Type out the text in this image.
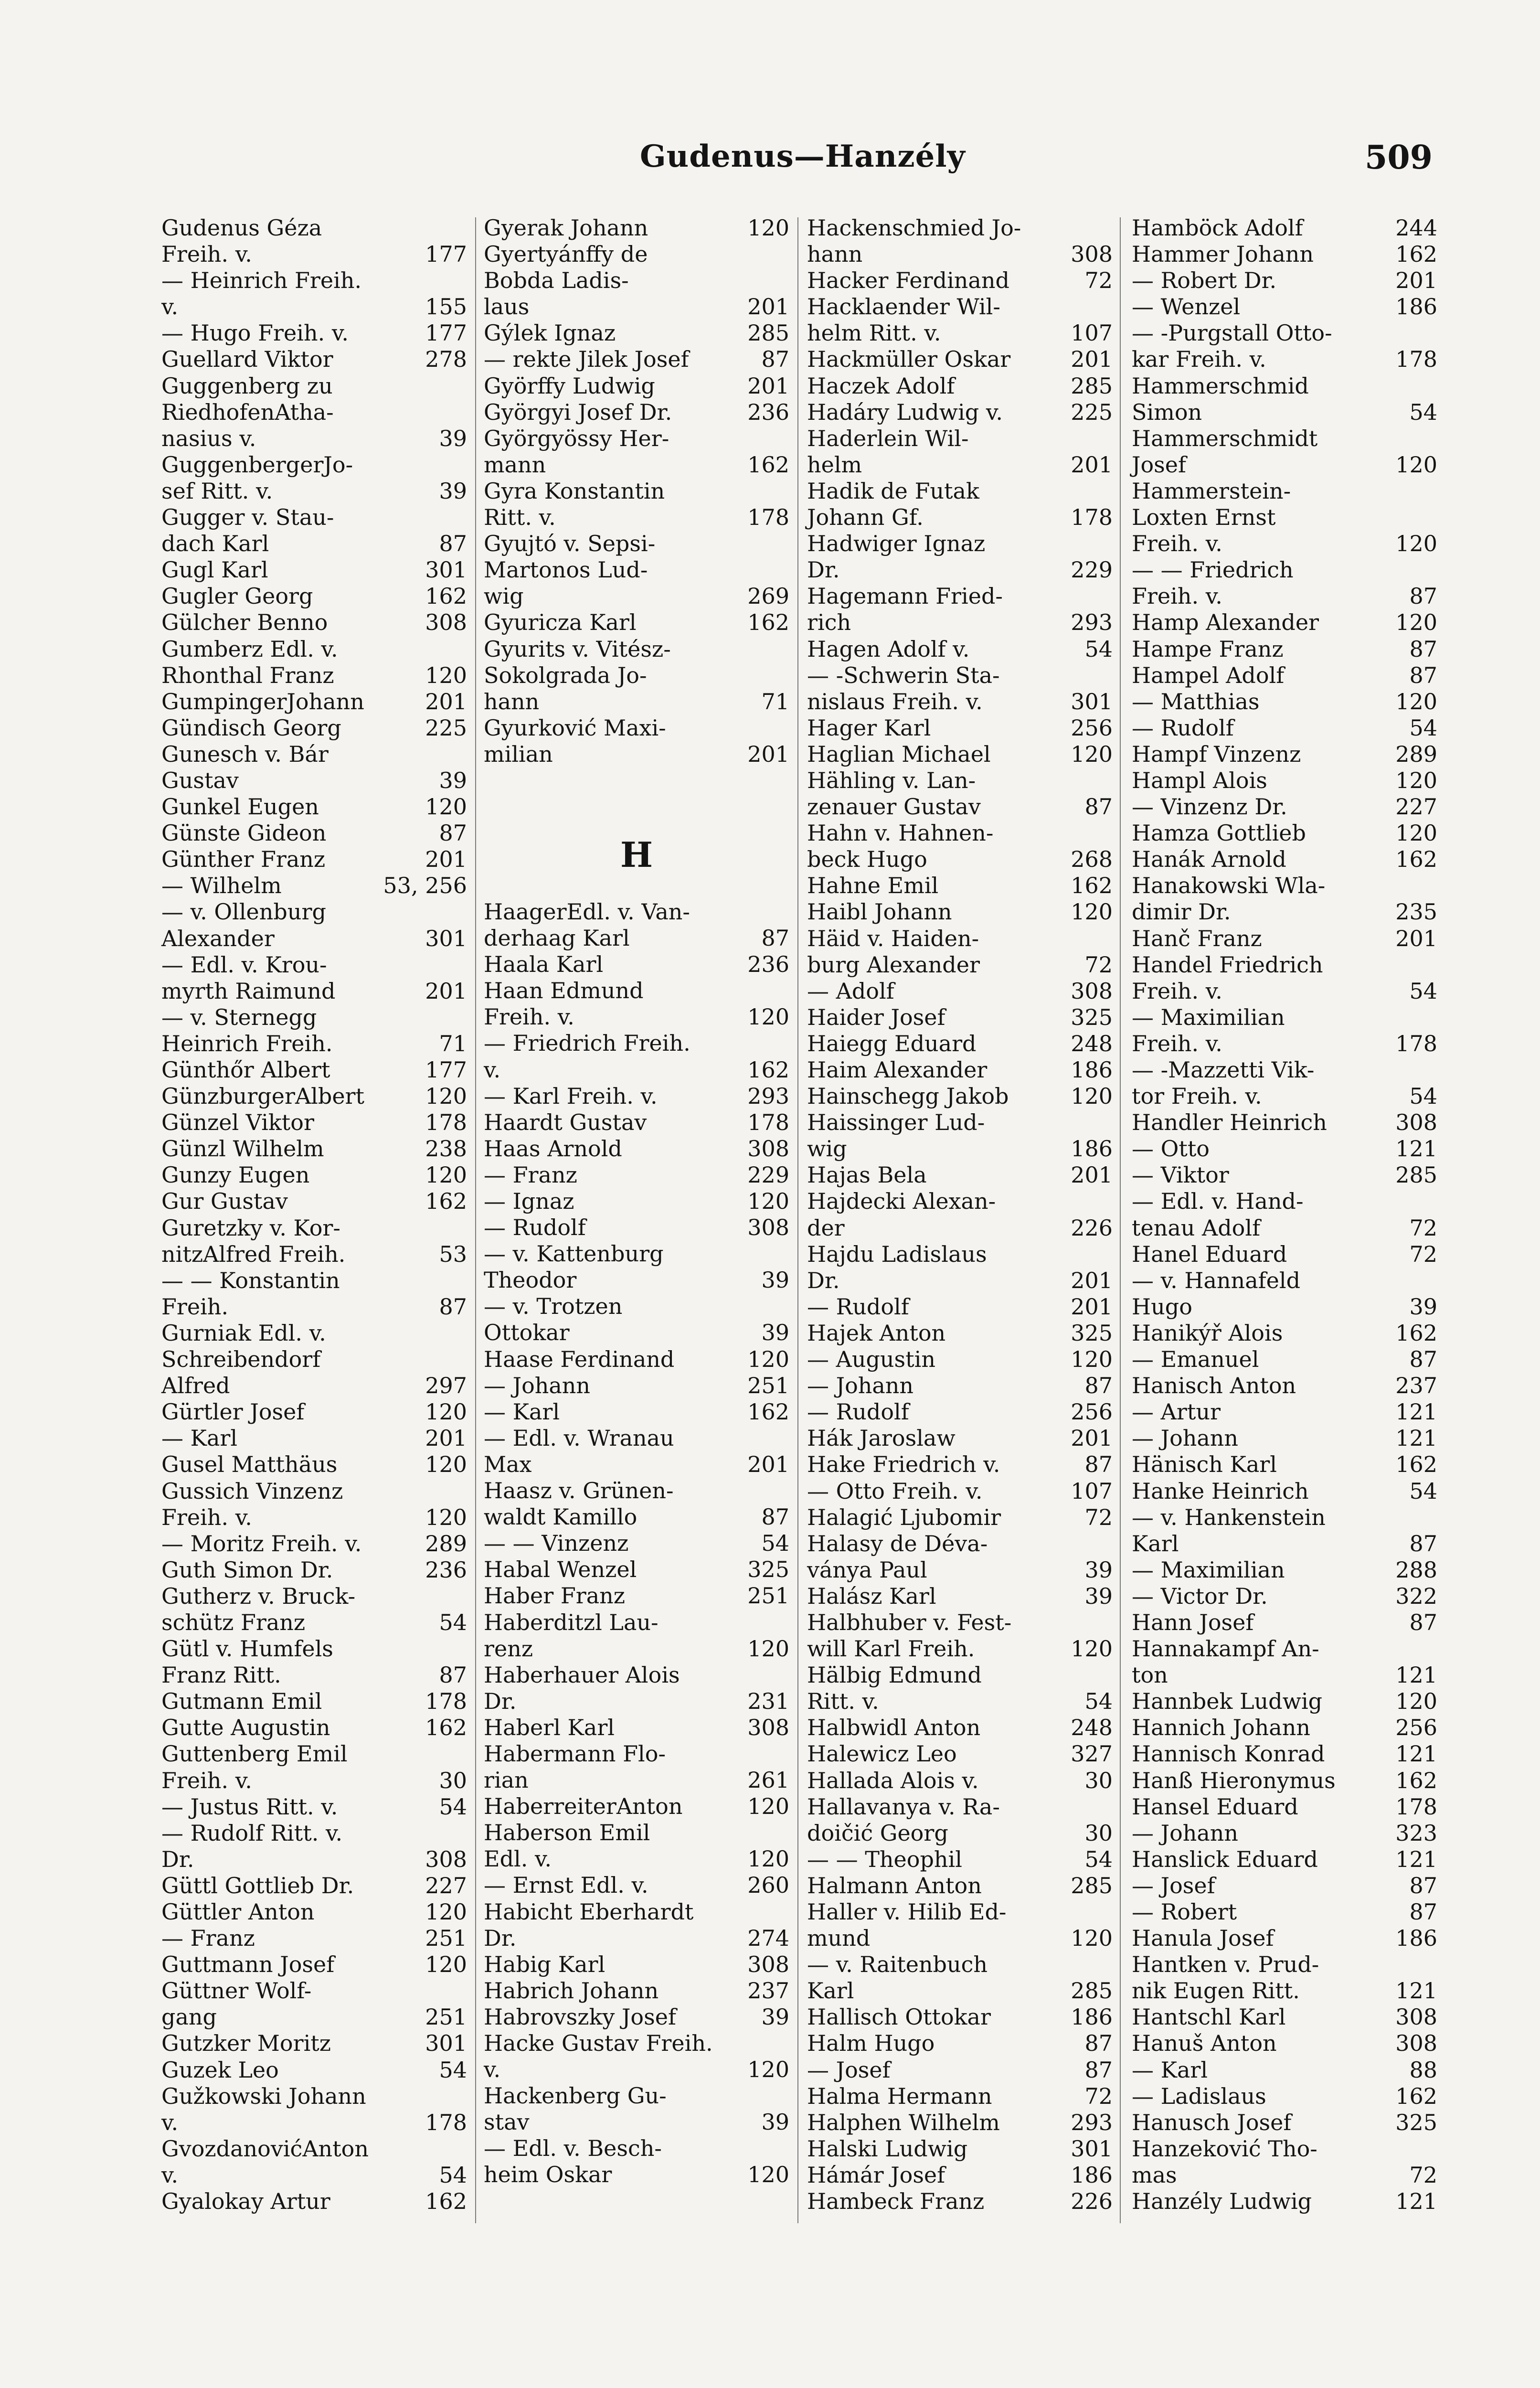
Gudenus—Hanzély	509
Gudenus Géza
177
Freih. v.
— Heinrich Freih.
155
v.
177
— Hugo Freih. v.
278
Guellard Viktor
Guggenberg zu
RiedhofenAtha-
39
nasius v.
GuggenbergerJo-
39
sef Ritt. v.
Gugger v. Stau-
87
dach Karl
301
Gugl Karl
162
Gugler Georg
308
Gülcher Benno
Gumberz Edl. v.
120
Rhonthal Franz
201
GumpingerJohann
225
Gündisch Georg
Gunesch v. Bár
39
Gustav
120
Gunkel Eugen
87
Günste Gideon
201
Günther Franz
53, 256
— Wilhelm
— v. Ollenburg
301
Alexander
— Edl. v. Krou-
201
myrth Raimund
— v. Sternegg
71
Heinrich Freih.
177
Günthőr Albert
120
GünzburgerAlbert
178
Günzel Viktor
238
Günzl Wilhelm
120
Gunzy Eugen
162
Gur Gustav
Guretzky v. Kor-
53
nitzAlfred Freih.
— — Konstantin
87
Freih.
Gurniak Edl. v.
Schreibendorf
297
Alfred
120
Gürtler Josef
201
— Karl
120
Gusel Matthäus
Gussich Vinzenz
120
Freih. v.
289
— Moritz Freih. v.
236
Guth Simon Dr.
Gutherz v. Bruck-
54
schütz Franz
Gütl v. Humfels
87
Franz Ritt.
178
Gutmann Emil
162
Gutte Augustin
Guttenberg Emil
30
Freih. v.
54
— Justus Ritt. v.
— Rudolf Ritt. v.
308
Dr.
227
Güttl Gottlieb Dr.
120
Güttler Anton
251
— Franz
120
Guttmann Josef
Güttner Wolf-
251
gang
301
Gutzker Moritz
54
Guzek Leo
Gužkowski Johann
178
v.
GvozdanovićAnton
54
v.
162
Gyalokay Artur
120
Gyerak Johann
Gyertyánffy de
Bobda Ladis-
201
laus
285
Gýlek Ignaz
87
— rekte Jilek Josef
201
Györffy Ludwig
236
Györgyi Josef Dr.
Györgyössy Her-
162
mann
Gyra Konstantin
178
Ritt. v.
Gyujtó v. Sepsi-
Martonos Lud-
269
wig
162
Gyuricza Karl
Gyurits v. Vitész-
Sokolgrada Jo-
71
hann
Gyurković Maxi-
201
milian
H
HaagerEdl. v. Van-
87
derhaag Karl
236
Haala Karl
Haan Edmund
120
Freih. v.
— Friedrich Freih.
162
v.
293
— Karl Freih. v.
178
Haardt Gustav
308
Haas Arnold
229
— Franz
120
— Ignaz
308
— Rudolf
— v. Kattenburg
39
Theodor
— v. Trotzen
39
Ottokar
120
Haase Ferdinand
251
— Johann
162
— Karl
— Edl. v. Wranau
201
Max
Haasz v. Grünen-
87
waldt Kamillo
54
— — Vinzenz
325
Habal Wenzel
251
Haber Franz
Haberditzl Lau-
120
renz
Haberhauer Alois
231
Dr.
308
Haberl Karl
Habermann Flo-
261
rian
120
HaberreiterAnton
Haberson Emil
120
Edl. v.
260
— Ernst Edl. v.
Habicht Eberhardt
274
Dr.
308
Habig Karl
237
Habrich Johann
39
Habrovszky Josef
Hacke Gustav Freih.
120
v.
Hackenberg Gu-
39
stav
— Edl. v. Besch-
120
heim Oskar
Hackenschmied Jo-
308
hann
72
Hacker Ferdinand
Hacklaender Wil-
107
helm Ritt. v.
201
Hackmüller Oskar
285
Haczek Adolf
225
Hadáry Ludwig v.
Haderlein Wil-
201
helm
Hadik de Futak
178
Johann Gf.
Hadwiger Ignaz
229
Dr.
Hagemann Fried-
293
rich
54
Hagen Adolf v.
— -Schwerin Sta-
301
nislaus Freih. v.
256
Hager Karl
120
Haglian Michael
Hähling v. Lan-
87
zenauer Gustav
Hahn v. Hahnen-
268
beck Hugo
162
Hahne Emil
120
Haibl Johann
Häid v. Haiden-
72
burg Alexander
308
— Adolf
325
Haider Josef
248
Haiegg Eduard
186
Haim Alexander
120
Hainschegg Jakob
Haissinger Lud-
186
wig
201
Hajas Bela
Hajdecki Alexan-
226
der
Hajdu Ladislaus
201
Dr.
201
— Rudolf
325
Hajek Anton
120
— Augustin
87
— Johann
256
— Rudolf
201
Hák Jaroslaw
87
Hake Friedrich v.
107
— Otto Freih. v.
72
Halagić Ljubomir
Halasy de Déva-
39
ványa Paul
39
Halász Karl
Halbhuber v. Fest-
120
will Karl Freih.
Hälbig Edmund
54
Ritt. v.
248
Halbwidl Anton
327
Halewicz Leo
30
Hallada Alois v.
Hallavanya v. Ra-
30
doičić Georg
54
— — Theophil
285
Halmann Anton
Haller v. Hilib Ed-
120
mund
— v. Raitenbuch
285
Karl
186
Hallisch Ottokar
87
Halm Hugo
87
— Josef
72
Halma Hermann
293
Halphen Wilhelm
301
Halski Ludwig
186
Hámár Josef
226
Hambeck Franz
244
Hamböck Adolf
162
Hammer Johann
201
— Robert Dr.
186
— Wenzel
— -Purgstall Otto-
178
kar Freih. v.
Hammerschmid
54
Simon
Hammerschmidt
120
Josef
Hammerstein-
Loxten Ernst
120
Freih. v.
— — Friedrich
87
Freih. v.
120
Hamp Alexander
87
Hampe Franz
87
Hampel Adolf
120
— Matthias
54
— Rudolf
289
Hampf Vinzenz
120
Hampl Alois
227
— Vinzenz Dr.
120
Hamza Gottlieb
162
Hanák Arnold
Hanakowski Wla-
235
dimir Dr.
201
Hanč Franz
Handel Friedrich
54
Freih. v.
— Maximilian
178
Freih. v.
— -Mazzetti Vik-
54
tor Freih. v.
308
Handler Heinrich
121
— Otto
285
— Viktor
— Edl. v. Hand-
72
tenau Adolf
72
Hanel Eduard
— v. Hannafeld
39
Hugo
162
Hanikýř Alois
87
— Emanuel
237
Hanisch Anton
121
— Artur
121
— Johann
162
Hänisch Karl
54
Hanke Heinrich
— v. Hankenstein
87
Karl
288
— Maximilian
322
— Victor Dr.
87
Hann Josef
Hannakampf An-
121
ton
120
Hannbek Ludwig
256
Hannich Johann
121
Hannisch Konrad
162
Hanß Hieronymus
178
Hansel Eduard
323
— Johann
121
Hanslick Eduard
87
— Josef
87
— Robert
186
Hanula Josef
Hantken v. Prud-
121
nik Eugen Ritt.
308
Hantschl Karl
308
Hanuš Anton
88
— Karl
162
— Ladislaus
325
Hanusch Josef
Hanzeković Tho-
72
mas
121
Hanzély Ludwig
